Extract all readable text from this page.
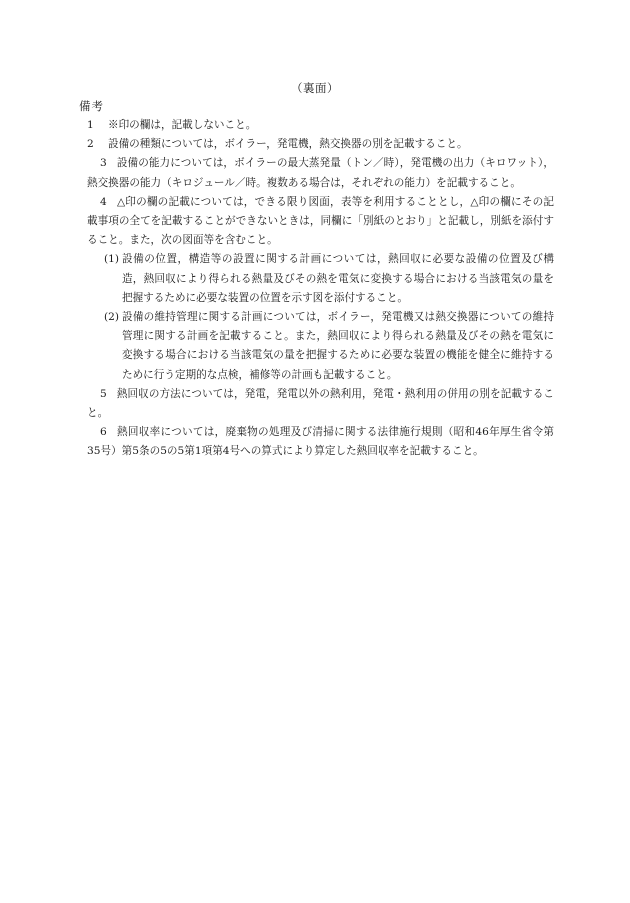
（裏面）
備考
1 ※印の欄は，記載しないこと。
2 設備の種類については，ボイラー，発電機，熱交換器の別を記載すること。
3 設備の能力については，ボイラーの最大蒸発量（トン／時），発電機の出力（キロワット），熱交換器の能力（キロジュール／時。複数ある場合は，それぞれの能力）を記載すること。
4 △印の欄の記載については，できる限り図面，表等を利用することとし，△印の欄にその記載事項の全てを記載することができないときは，同欄に「別紙のとおり」と記載し，別紙を添付すること。また，次の図面等を含むこと。
(1) 設備の位置，構造等の設置に関する計画については，熱回収に必要な設備の位置及び構造，熱回収により得られる熱量及びその熱を電気に変換する場合における当該電気の量を把握するために必要な装置の位置を示す図を添付すること。
(2) 設備の維持管理に関する計画については，ボイラー，発電機又は熱交換器についての維持管理に関する計画を記載すること。また，熱回収により得られる熱量及びその熱を電気に変換する場合における当該電気の量を把握するために必要な装置の機能を健全に維持するために行う定期的な点検，補修等の計画も記載すること。
5 熱回収の方法については，発電，発電以外の熱利用，発電・熱利用の併用の別を記載すること。
6 熱回収率については，廃棄物の処理及び清掃に関する法律施行規則（昭和46年厚生省令第35号）第5条の5の5第1項第4号への算式により算定した熱回収率を記載すること。
